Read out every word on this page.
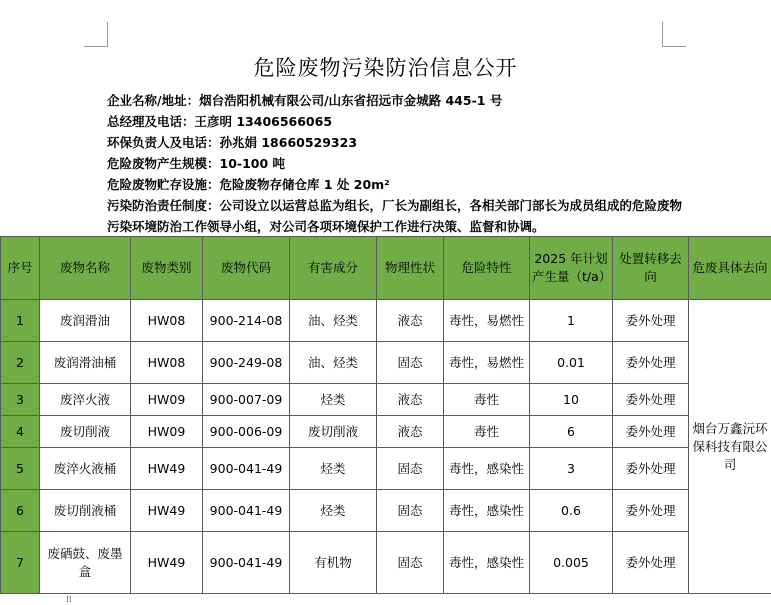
危险废物污染防治信息公开
企业名称/地址：烟台浩阳机械有限公司/山东省招远市金城路 445-1 号
总经理及电话：王彦明 13406566065
环保负责人及电话：孙兆娟 18660529323
危险废物产生规模：10-100 吨
危险废物贮存设施：危险废物存储仓库 1 处 20m²
污染防治责任制度：公司设立以运营总监为组长，厂长为副组长，各相关部门部长为成员组成的危险废物污染环境防治工作领导小组，对公司各项环境保护工作进行决策、监督和协调。
序号	废物名称	废物类别	废物代码	有害成分	物理性状	危险特性	2025 年计划产生量（t/a）	处置转移去向	危废具体去向
1	废润滑油	HW08	900-214-08	油、烃类	液态	毒性，易燃性	1	委外处理	烟台万鑫沅环保科技有限公司
2	废润滑油桶	HW08	900-249-08	油、烃类	固态	毒性，易燃性	0.01	委外处理	
3	废淬火液	HW09	900-007-09	烃类	液态	毒性	10	委外处理	
4	废切削液	HW09	900-006-09	废切削液	液态	毒性	6	委外处理	
5	废淬火液桶	HW49	900-041-49	烃类	固态	毒性，感染性	3	委外处理	
6	废切削液桶	HW49	900-041-49	烃类	固态	毒性，感染性	0.6	委外处理	
7	废硒鼓、废墨盒	HW49	900-041-49	有机物	固态	毒性，感染性	0.005	委外处理	
⁞⁞
